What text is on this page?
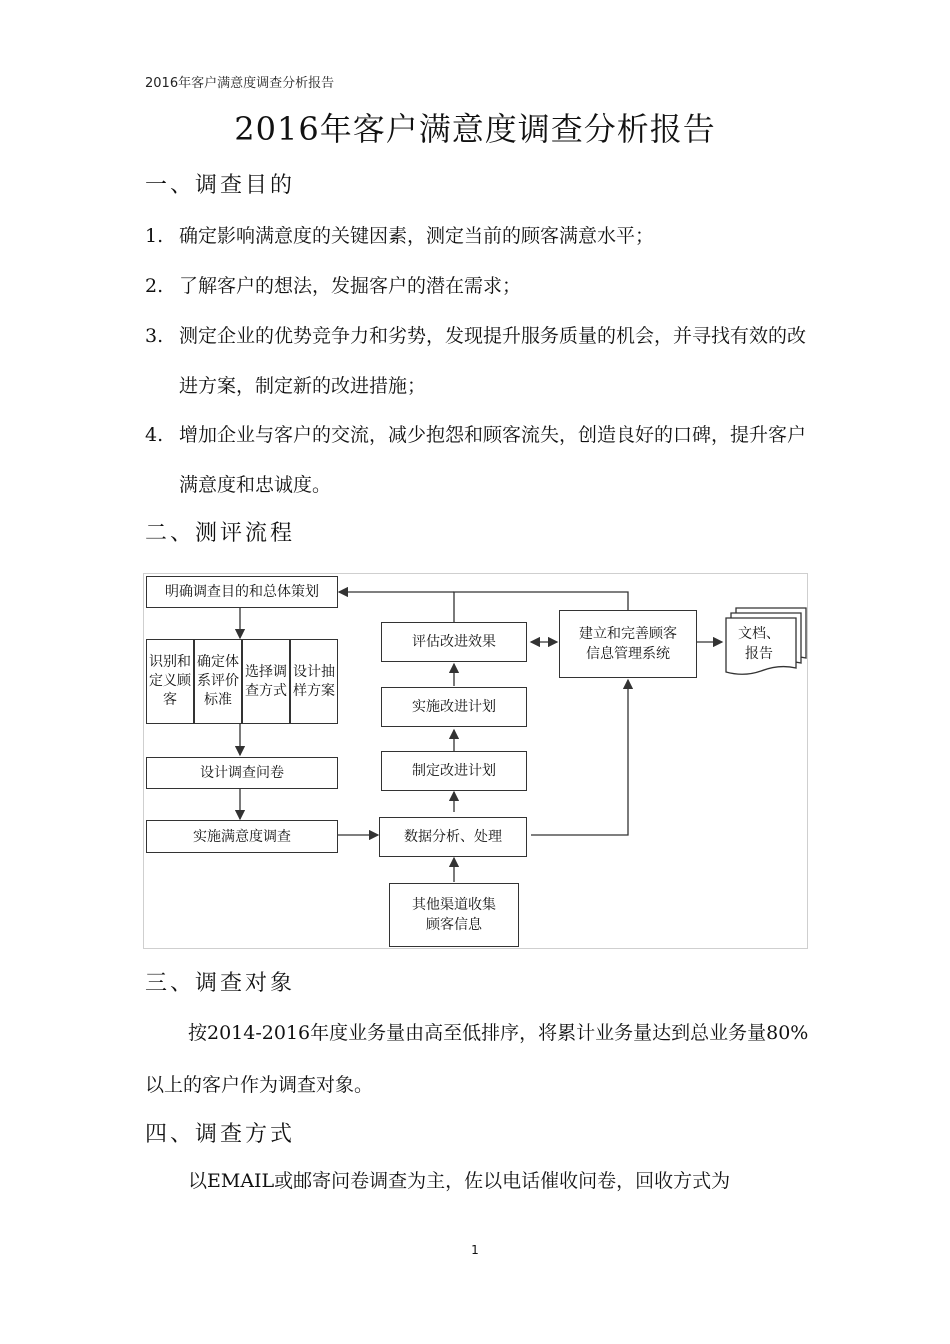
2016年客户满意度调查分析报告
2016年客户满意度调查分析报告
一、调查目的
1. 确定影响满意度的关键因素，测定当前的顾客满意水平；
2. 了解客户的想法，发掘客户的潜在需求；
3. 测定企业的优势竞争力和劣势，发现提升服务质量的机会，并寻找有效的改进方案，制定新的改进措施；
4. 增加企业与客户的交流，减少抱怨和顾客流失，创造良好的口碑，提升客户满意度和忠诚度。
二、测评流程
明确调查目的和总体策划
识别和定义顾客
确定体系评价标准
选择调查方式
设计抽样方案
设计调查问卷
实施满意度调查	数据分析、处理
其他渠道收集顾客信息
制定改进计划
实施改进计划
评估改进效果	建立和完善顾客信息管理系统
文档、报告
三、调查对象

按2014-2016年度业务量由高至低排序，将累计业务量达到总业务量80%以上的客户作为调查对象。

四、调查方式

以EMAIL或邮寄问卷调查为主，佐以电话催收问卷，回收方式为

1
